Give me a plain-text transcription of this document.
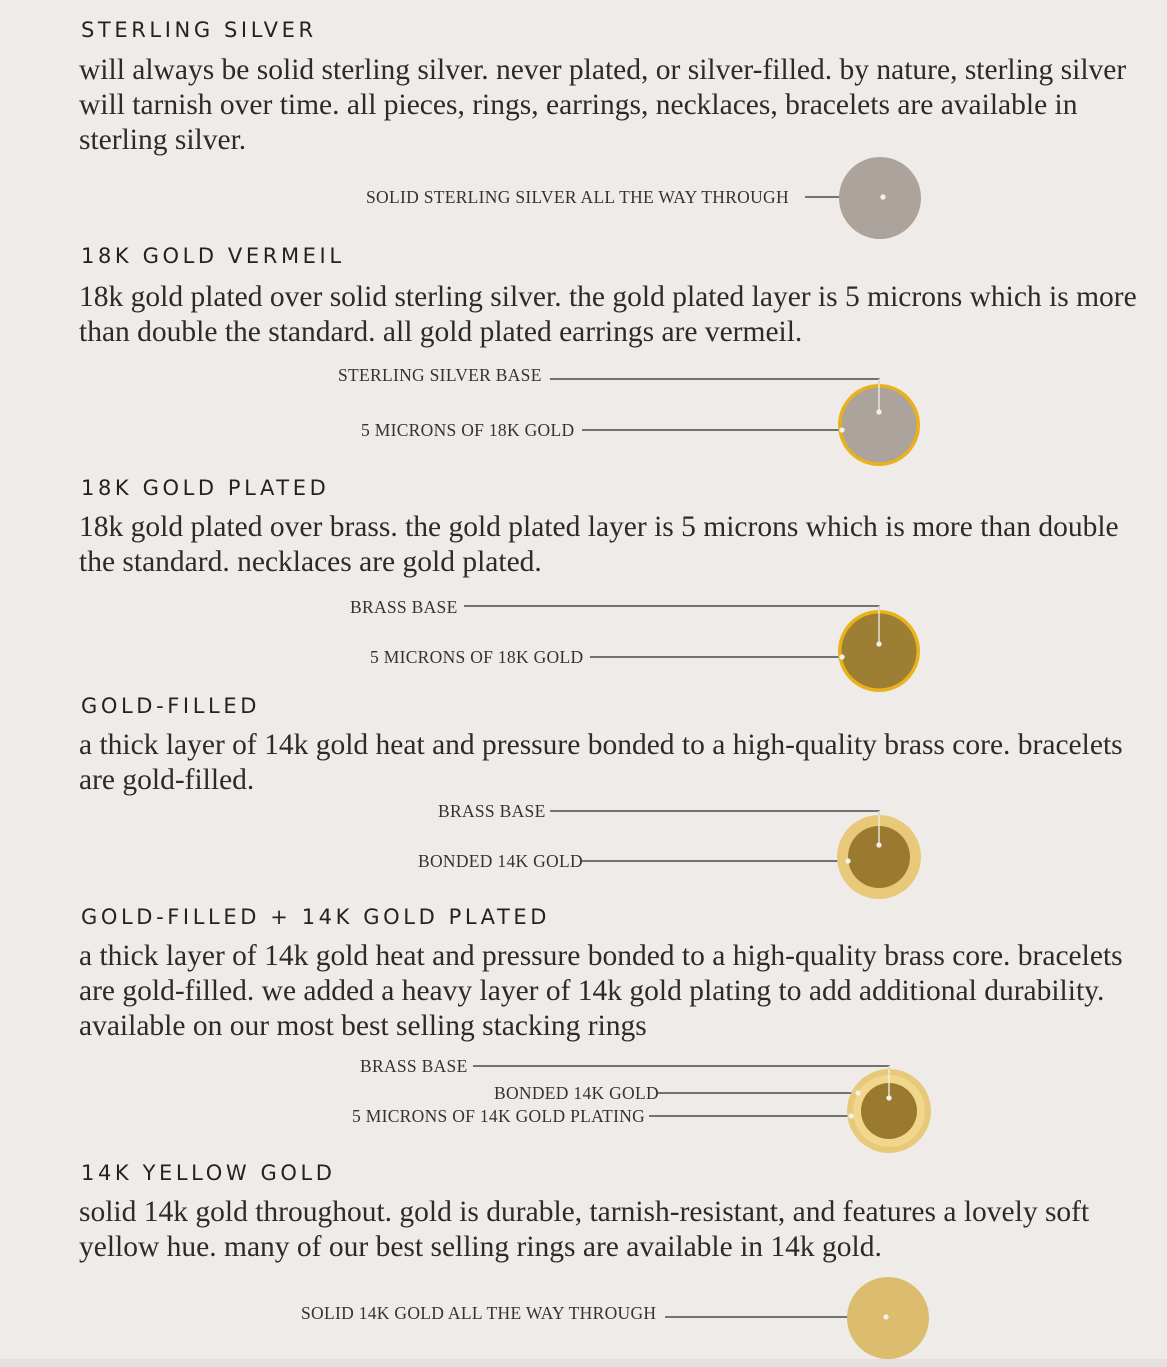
STERLING SILVER

will always be solid sterling silver. never plated, or silver-filled. by nature, sterling silver will tarnish over time. all pieces, rings, earrings, necklaces, bracelets are available in sterling silver.

SOLID STERLING SILVER ALL THE WAY THROUGH
18K GOLD VERMEIL

18k gold plated over solid sterling silver. the gold plated layer is 5 microns which is more than double the standard. all gold plated earrings are vermeil.

STERLING SILVER BASE
5 MICRONS OF 18K GOLD
18K GOLD PLATED

18k gold plated over brass. the gold plated layer is 5 microns which is more than double the standard. necklaces are gold plated.

BRASS BASE
5 MICRONS OF 18K GOLD
GOLD-FILLED

a thick layer of 14k gold heat and pressure bonded to a high-quality brass core. bracelets are gold-filled.

BRASS BASE
BONDED 14K GOLD
GOLD-FILLED + 14K GOLD PLATED

a thick layer of 14k gold heat and pressure bonded to a high-quality brass core. bracelets are gold-filled. we added a heavy layer of 14k gold plating to add additional durability. available on our most best selling stacking rings

BRASS BASE
BONDED 14K GOLD
5 MICRONS OF 14K GOLD PLATING
14K YELLOW GOLD

solid 14k gold throughout. gold is durable, tarnish-resistant, and features a lovely soft yellow hue. many of our best selling rings are available in 14k gold.

SOLID 14K GOLD ALL THE WAY THROUGH
